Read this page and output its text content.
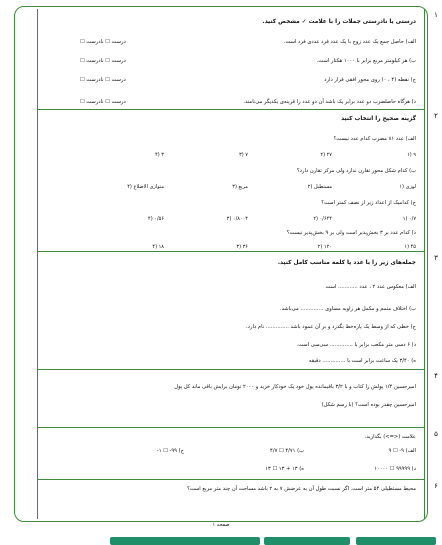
۱
درستی یا نادرستی جملات را با علامت ✓ مشخص کنید.
الف) حاصل جمع یک عدد زوج با یک عدد فرد عددی فرد است.
درست ☐ نادرست ☐
ب) هر کیلومتر مربع برابر با ۱۰۰۰ هکتار است.
درست ☐ نادرست ☐
ج) نقطه (۴ ، ۰) روی محور افقی قرار دارد
درست ☐ نادرست ☐
د) هرگاه حاصلضرب دو عدد برابر یک باشد آن دو عدد را قرینه‌ی یکدیگر می‌نامند.
درست ☐ نادرست ☐
۲
گزینه صحیح را انتخاب کنید
الف) عدد ۸۱ مضرب کدام عدد نیست؟
۱) ۹
۲) ۲۷
۳) ۷
۴) ۳
ب) کدام شکل محور تقارن ندارد ولی مرکز تقارن دارد؟
۱) لوزی
۲) مستطیل
۳) مربع
۴) متوازی الاضلاع
ج) کدامیک از اعداد زیر از نصف کمتر است؟
۱) ۰/۷
۲) ۰/۶۴۴
۳) ۰/۸۰۰۴
۴) ۰/۵۶
د) کدام عدد بر ۳ بخش‌پذیر است ولی بر ۹ بخش‌پذیر نیست؟
۱) ۴۵
۲) ۱۲۰
۳) ۳۶
۴) ۱۸
۳
جمله‌های زیر را با عدد یا کلمه مناسب کامل کنید.
الف) معکوس عدد ۲ ، عدد ............ است
ب) اختلاف متمم و مکمل هر زاویه مساوی .............. می‌باشد.
ج) خطی که از وسط یک پاره‌خط بگذرد و بر آن عمود باشد .............. نام دارد.
د) ۶ دسی متر مکعب برابر با .............. سی‌سی است.
ه) ۳/۴۰ یک ساعت برابر است با .............. دقیقه
۴
امیرحسین ۱/۴ پولش را کتاب و با ۳/۲ باقیمانده پول خود یک خودکار خرید و ۲۰۰۰ تومان برایش باقی ماند کل پول
امیرحسین چقدر بوده است؟ (با رسم شکل)
۵
علامت (<=>) بگذارید.
الف) ۹- ☐ ۹
ب) ۴/۷۱ ☐ ۴/۷
ج) ۹۹- ☐ ۱-
د) ۹۹۹۹۹ ☐ ۱۰۰۰۰
ه) ۱۳ + ۱۳ ☐ ۱۳
۶
محیط مستطیلی ۵۴ متر است. اگر نسبت طول آن به عرضش ۷ به ۲ باشد مساحت آن چند متر مربع است؟
صفحه ۱
